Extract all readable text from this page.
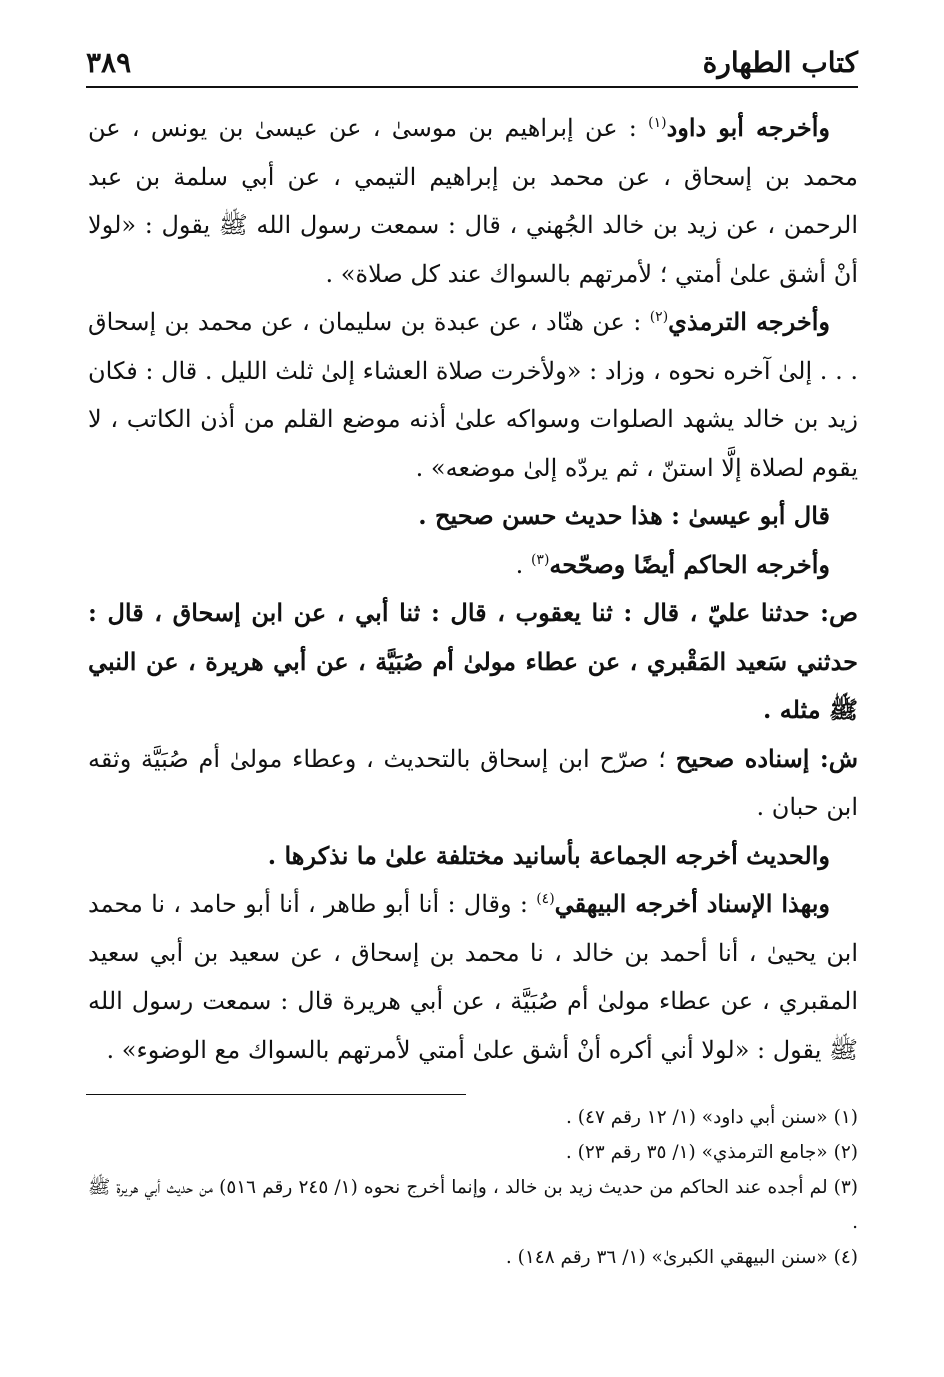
كتاب الطهارة
٣٨٩

وأخرجه أبو داود$^{(١)}$ : عن إبراهيم بن موسىٰ ، عن عيسىٰ بن يونس ، عن محمد بن إسحاق ، عن محمد بن إبراهيم التيمي ، عن أبي سلمة بن عبد الرحمن ، عن زيد بن خالد الجُهني ، قال : سمعت رسول الله ﷺ يقول : «لولا أنْ أشق علىٰ أمتي ؛ لأمرتهم بالسواك عند كل صلاة» .

وأخرجه الترمذي$^{(٢)}$ : عن هنّاد ، عن عبدة بن سليمان ، عن محمد بن إسحاق . . . إلىٰ آخره نحوه ، وزاد : «ولأخرت صلاة العشاء إلىٰ ثلث الليل . قال : فكان زيد بن خالد يشهد الصلوات وسواكه علىٰ أذنه موضع القلم من أذن الكاتب ، لا يقوم لصلاة إلَّا استنّ ، ثم يردّه إلىٰ موضعه» .

قال أبو عيسىٰ : هذا حديث حسن صحيح .

وأخرجه الحاكم أيضًا وصحّحه$^{(٣)}$ .

ص: حدثنا عليّ ، قال : ثنا يعقوب ، قال : ثنا أبي ، عن ابن إسحاق ، قال : حدثني سَعيد المَقْبري ، عن عطاء مولىٰ أم صُبَيَّة ، عن أبي هريرة ، عن النبي ﷺ مثله .

ش: إسناده صحيح ؛ صرّح ابن إسحاق بالتحديث ، وعطاء مولىٰ أم صُبَيَّة وثقه ابن حبان .

والحديث أخرجه الجماعة بأسانيد مختلفة علىٰ ما نذكرها .

وبهذا الإسناد أخرجه البيهقي$^{(٤)}$ : وقال : أنا أبو طاهر ، أنا أبو حامد ، نا محمد ابن يحيىٰ ، أنا أحمد بن خالد ، نا محمد بن إسحاق ، عن سعيد بن أبي سعيد المقبري ، عن عطاء مولىٰ أم صُبَيَّة ، عن أبي هريرة قال : سمعت رسول الله ﷺ يقول : «لولا أني أكره أنْ أشق علىٰ أمتي لأمرتهم بالسواك مع الوضوء» .

(١)«سنن أبي داود» (١/ ١٢ رقم ٤٧) .

(٢)«جامع الترمذي» (١/ ٣٥ رقم ٢٣) .

(٣)لم أجده عند الحاكم من حديث زيد بن خالد ، وإنما أخرج نحوه (١/ ٢٤٥ رقم ٥١٦) من حديث أبي هريرة ﷺ .

(٤)«سنن البيهقي الكبرىٰ» (١/ ٣٦ رقم ١٤٨) .
